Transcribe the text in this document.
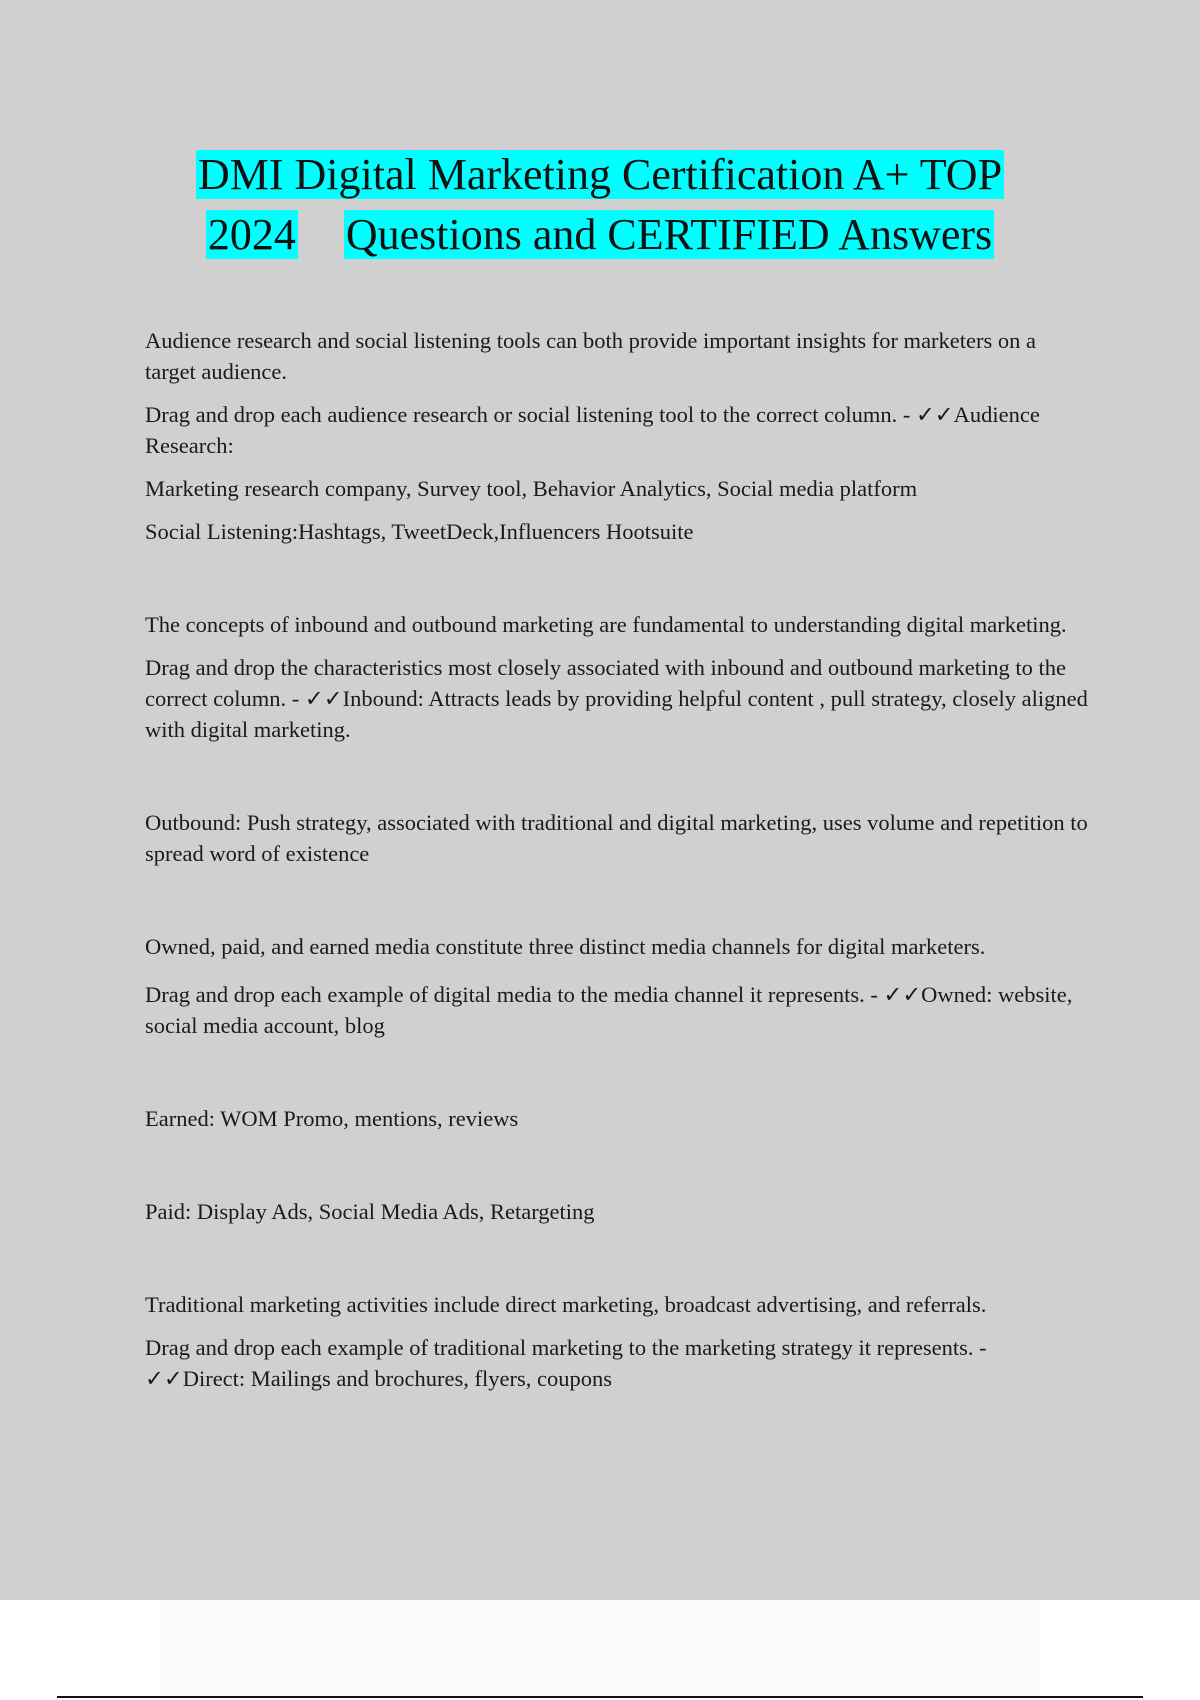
DMI Digital Marketing Certification A+ TOP
2024 Questions and CERTIFIED Answers

Audience research and social listening tools can both provide important insights for marketers on a target audience.

Drag and drop each audience research or social listening tool to the correct column. - ✓✓Audience Research:

Marketing research company, Survey tool, Behavior Analytics, Social media platform

Social Listening:Hashtags, TweetDeck,Influencers Hootsuite

The concepts of inbound and outbound marketing are fundamental to understanding digital marketing.

Drag and drop the characteristics most closely associated with inbound and outbound marketing to the correct column. - ✓✓Inbound: Attracts leads by providing helpful content , pull strategy, closely aligned with digital marketing.

Outbound: Push strategy, associated with traditional and digital marketing, uses volume and repetition to spread word of existence

Owned, paid, and earned media constitute three distinct media channels for digital marketers.

Drag and drop each example of digital media to the media channel it represents. - ✓✓Owned: website, social media account, blog

Earned: WOM Promo, mentions, reviews

Paid: Display Ads, Social Media Ads, Retargeting

Traditional marketing activities include direct marketing, broadcast advertising, and referrals.

Drag and drop each example of traditional marketing to the marketing strategy it represents. - ✓✓Direct: Mailings and brochures, flyers, coupons
